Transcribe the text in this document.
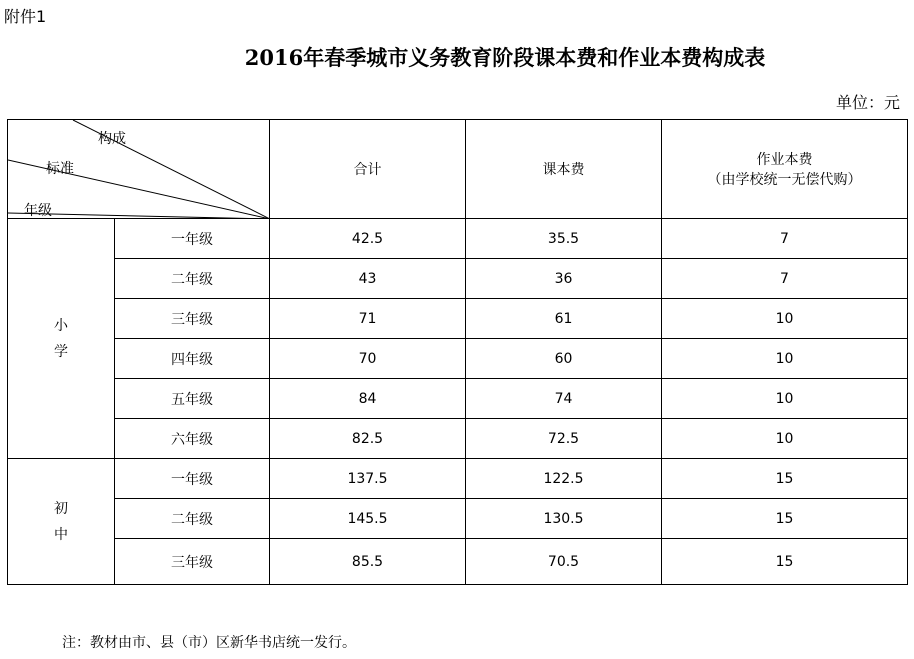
附件1
2016年春季城市义务教育阶段课本费和作业本费构成表
单位：元
构成
标准
年级		合计	课本费	作业本费
（由学校统一无偿代购）

小
学	一年级	42.5	35.5	7
	二年级	43	36	7
	三年级	71	61	10
	四年级	70	60	10
	五年级	84	74	10
	六年级	82.5	72.5	10

初
中	一年级	137.5	122.5	15
	二年级	145.5	130.5	15
	三年级	85.5	70.5	15
注：教材由市、县（市）区新华书店统一发行。
